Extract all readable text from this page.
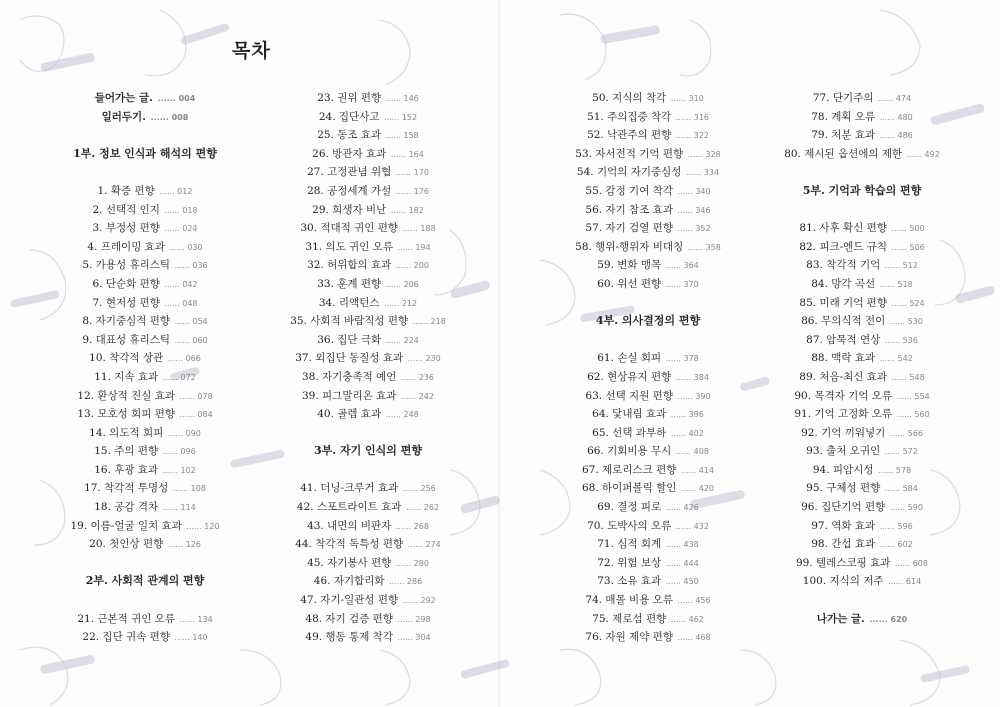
목차
들어가는 글. ...... 004
일러두기. ...... 008
1부. 정보 인식과 해석의 편향
1. 확증 편향 ...... 012
2. 선택적 인지 ...... 018
3. 부정성 편향 ...... 024
4. 프레이밍 효과 ...... 030
5. 가용성 휴리스틱 ...... 036
6. 단순화 편향 ...... 042
7. 현저성 편향 ...... 048
8. 자기중심적 편향 ...... 054
9. 대표성 휴리스틱 ...... 060
10. 착각적 상관 ...... 066
11. 지속 효과 ...... 072
12. 환상적 진실 효과 ...... 078
13. 모호성 회피 편향 ...... 084
14. 의도적 회피 ...... 090
15. 주의 편향 ...... 096
16. 후광 효과 ...... 102
17. 착각적 투명성 ...... 108
18. 공감 격차 ...... 114
19. 이름-얼굴 일치 효과 ...... 120
20. 첫인상 편향 ...... 126
2부. 사회적 관계의 편향
21. 근본적 귀인 오류 ...... 134
22. 집단 귀속 편향 ...... 140
23. 권위 편향 ...... 146
24. 집단사고 ...... 152
25. 동조 효과 ...... 158
26. 방관자 효과 ...... 164
27. 고정관념 위협 ...... 170
28. 공정세계 가설 ...... 176
29. 희생자 비난 ...... 182
30. 적대적 귀인 편향 ...... 188
31. 의도 귀인 오류 ...... 194
32. 허위합의 효과 ...... 200
33. 훈계 편향 ...... 206
34. 리액턴스 ...... 212
35. 사회적 바람직성 편향 ...... 218
36. 집단 극화 ...... 224
37. 외집단 동질성 효과 ...... 230
38. 자기충족적 예언 ...... 236
39. 피그말리온 효과 ...... 242
40. 골렘 효과 ...... 248
3부. 자기 인식의 편향
41. 더닝-크루거 효과 ...... 256
42. 스포트라이트 효과 ...... 262
43. 내면의 비판자 ...... 268
44. 착각적 독특성 편향 ...... 274
45. 자기봉사 편향 ...... 280
46. 자기합리화 ...... 286
47. 자기-일관성 편향 ...... 292
48. 자기 검증 편향 ...... 298
49. 행동 통제 착각 ...... 304
50. 지식의 착각 ...... 310
51. 주의집중 착각 ...... 316
52. 낙관주의 편향 ...... 322
53. 자서전적 기억 편향 ...... 328
54. 기억의 자기중심성 ...... 334
55. 감정 기여 착각 ...... 340
56. 자기 참조 효과 ...... 346
57. 자기 검열 편향 ...... 352
58. 행위-행위자 비대칭 ...... 358
59. 변화 맹목 ...... 364
60. 위선 편향 ...... 370
4부. 의사결정의 편향
61. 손실 회피 ...... 378
62. 현상유지 편향 ...... 384
63. 선택 지원 편향 ...... 390
64. 닻내림 효과 ...... 396
65. 선택 과부하 ...... 402
66. 기회비용 무시 ...... 408
67. 제로리스크 편향 ...... 414
68. 하이퍼볼릭 할인 ...... 420
69. 결정 피로 ...... 426
70. 도박사의 오류 ...... 432
71. 심적 회계 ...... 438
72. 위험 보상 ...... 444
73. 소유 효과 ...... 450
74. 매몰 비용 오류 ...... 456
75. 제로섬 편향 ...... 462
76. 자원 제약 편향 ...... 468
77. 단기주의 ...... 474
78. 계획 오류 ...... 480
79. 처분 효과 ...... 486
80. 제시된 옵션에의 제한 ...... 492
5부. 기억과 학습의 편향
81. 사후 확신 편향 ...... 500
82. 피크-엔드 규칙 ...... 506
83. 착각적 기억 ...... 512
84. 망각 곡선 ...... 518
85. 미래 기억 편향 ...... 524
86. 무의식적 전이 ...... 530
87. 암묵적 연상 ...... 536
88. 맥락 효과 ...... 542
89. 처음-최신 효과 ...... 548
90. 목격자 기억 오류 ...... 554
91. 기억 고정화 오류 ...... 560
92. 기억 끼워넣기 ...... 566
93. 출처 오귀인 ...... 572
94. 피암시성 ...... 578
95. 구체성 편향 ...... 584
96. 집단기억 편향 ...... 590
97. 역화 효과 ...... 596
98. 간섭 효과 ...... 602
99. 텔레스코핑 효과 ...... 608
100. 지식의 저주 ...... 614
나가는 글. ...... 620
